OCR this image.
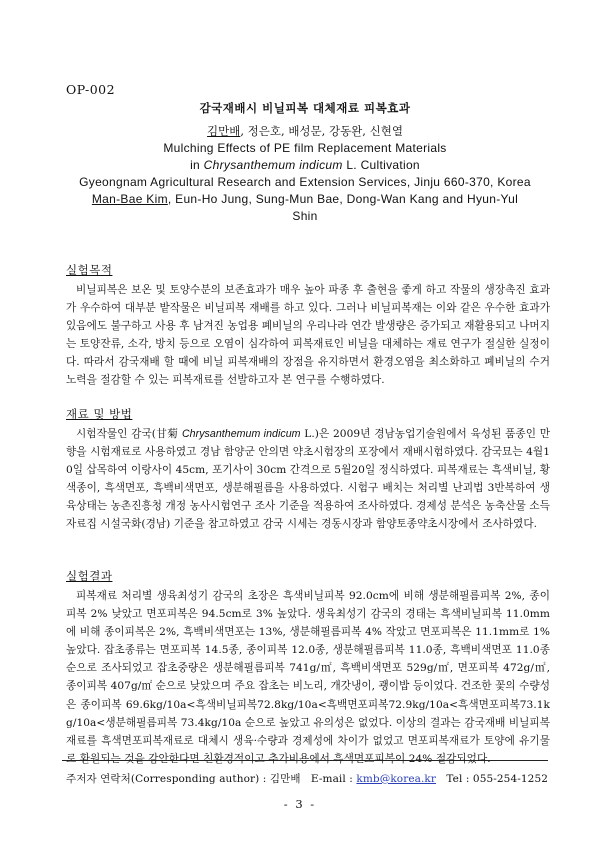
OP-002
감국재배시 비닐피복 대체재료 피복효과
김만배, 정은호, 배성문, 강동완, 신현열
Mulching Effects of PE film Replacement Materials
in Chrysanthemum indicum L. Cultivation
Gyeongnam Agricultural Research and Extension Services, Jinju 660-370, Korea
Man-Bae Kim, Eun-Ho Jung, Sung-Mun Bae, Dong-Wan Kang and Hyun-Yul
Shin
실험목적
비닐피복은 보온 및 토양수분의 보존효과가 매우 높아 파종 후 출현을 좋게 하고 작물의 생장촉진 효과가 우수하여 대부분 밭작물은 비닐피복 재배를 하고 있다. 그러나 비닐피복재는 이와 같은 우수한 효과가 있음에도 불구하고 사용 후 남겨진 농업용 폐비닐의 우리나라 연간 발생량은 증가되고 재활용되고 나머지는 토양잔류, 소각, 방치 등으로 오염이 심각하여 피복재료인 비닐을 대체하는 재료 연구가 절실한 실정이다. 따라서 감국재배 할 때에 비닐 피복재배의 장점을 유지하면서 환경오염을 최소화하고 폐비닐의 수거 노력을 절감할 수 있는 피복재료를 선발하고자 본 연구를 수행하였다.
재료 및 방법
시험작물인 감국(甘菊 Chrysanthemum indicum L.)은 2009년 경남농업기술원에서 육성된 품종인 만향을 시험재료로 사용하였고 경남 함양군 안의면 약초시험장의 포장에서 재배시험하였다. 감국묘는 4월10일 삽목하여 이랑사이 45cm, 포기사이 30cm 간격으로 5월20일 정식하였다. 피복재료는 흑색비닐, 황색종이, 흑색면포, 흑백비색면포, 생분해필름을 사용하였다. 시험구 배치는 처리별 난괴법 3반복하여 생육상태는 농촌진흥청 개정 농사시험연구 조사 기준을 적용하여 조사하였다. 경제성 분석은 농축산물 소득자료집 시설국화(경남) 기준을 참고하였고 감국 시세는 경동시장과 함양토종약초시장에서 조사하였다.
실험결과
피복재료 처리별 생육최성기 감국의 초장은 흑색비닐피복 92.0cm에 비해 생분해필름피복 2%, 종이피복 2% 낮았고 면포피복은 94.5cm로 3% 높았다. 생육최성기 감국의 경태는 흑색비닐피복 11.0mm에 비해 종이피복은 2%, 흑백비색면포는 13%, 생분해필름피복 4% 작았고 면포피복은 11.1mm로 1%높았다. 잡초종류는 면포피복 14.5종, 종이피복 12.0종, 생분해필름피복 11.0종, 흑백비색면포 11.0종순으로 조사되었고 잡초중량은 생분해필름피복 741g/㎡, 흑백비색면포 529g/㎡, 면포피복 472g/㎡, 종이피복 407g/㎡ 순으로 낮았으며 주요 잡초는 비노리, 개갓냉이, 괭이밥 등이었다. 건조한 꽃의 수량성은 종이피복 69.6kg/10a<흑색비닐피복72.8kg/10a<흑백면포피복72.9kg/10a<흑색면포피복73.1kg/10a<생분해필름피복 73.4kg/10a 순으로 높았고 유의성은 없었다. 이상의 결과는 감국재배 비닐피복재료를 흑색면포피복재료로 대체시 생육·수량과 경제성에 차이가 없었고 면포피복재료가 토양에 유기물로 환원되는 것을 감안한다면 친환경적이고 추가비용에서 흑색면포피복이 24% 절감되었다.
주저자 연락처(Corresponding author) : 김만배 E-mail : kmb@korea.kr Tel : 055-254-1252
- 3 -
